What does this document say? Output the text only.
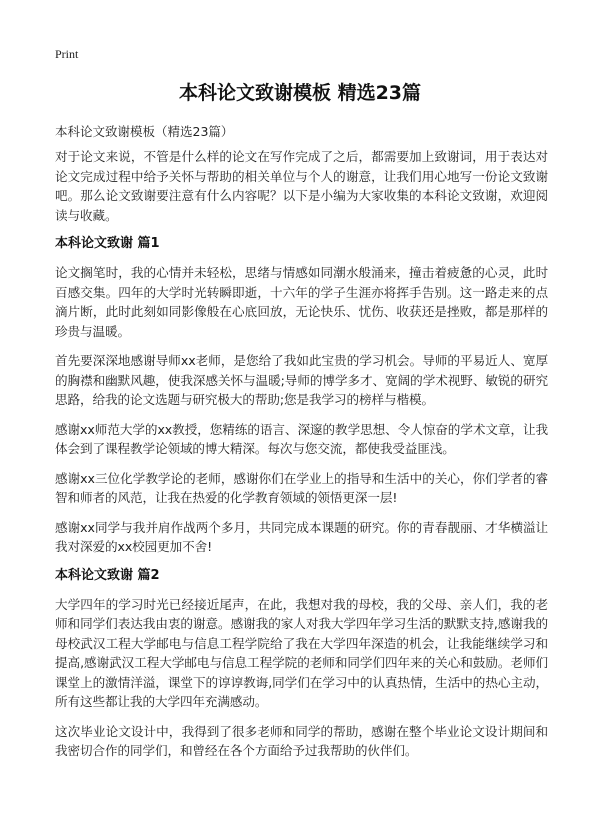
Print
本科论文致谢模板 精选23篇
本科论文致谢模板（精选23篇）

对于论文来说，不管是什么样的论文在写作完成了之后，都需要加上致谢词，用于表达对论文完成过程中给予关怀与帮助的相关单位与个人的谢意，让我们用心地写一份论文致谢吧。那么论文致谢要注意有什么内容呢？以下是小编为大家收集的本科论文致谢，欢迎阅读与收藏。

本科论文致谢 篇1

论文搁笔时，我的心情并未轻松，思绪与情感如同潮水般涌来，撞击着疲惫的心灵，此时百感交集。四年的大学时光转瞬即逝，十六年的学子生涯亦将挥手告别。这一路走来的点滴片断，此时此刻如同影像般在心底回放，无论快乐、忧伤、收获还是挫败，都是那样的珍贵与温暖。

首先要深深地感谢导师xx老师，是您给了我如此宝贵的学习机会。导师的平易近人、宽厚的胸襟和幽默风趣，使我深感关怀与温暖;导师的博学多才、宽阔的学术视野、敏锐的研究思路，给我的论文选题与研究极大的帮助;您是我学习的榜样与楷模。

感谢xx师范大学的xx教授，您精练的语言、深邃的教学思想、令人惊奋的学术文章，让我体会到了课程教学论领域的博大精深。每次与您交流，都使我受益匪浅。

感谢xx三位化学教学论的老师，感谢你们在学业上的指导和生活中的关心，你们学者的睿智和师者的风范，让我在热爱的化学教育领域的领悟更深一层!

感谢xx同学与我并肩作战两个多月，共同完成本课题的研究。你的青春靓丽、才华横溢让我对深爱的xx校园更加不舍!

本科论文致谢 篇2

大学四年的学习时光已经接近尾声，在此，我想对我的母校，我的父母、亲人们，我的老师和同学们表达我由衷的谢意。感谢我的家人对我大学四年学习生活的默默支持,感谢我的母校武汉工程大学邮电与信息工程学院给了我在大学四年深造的机会，让我能继续学习和提高,感谢武汉工程大学邮电与信息工程学院的老师和同学们四年来的关心和鼓励。老师们课堂上的激情洋溢，课堂下的谆谆教诲,同学们在学习中的认真热情，生活中的热心主动，所有这些都让我的大学四年充满感动。

这次毕业论文设计中，我得到了很多老师和同学的帮助，感谢在整个毕业论文设计期间和我密切合作的同学们，和曾经在各个方面给予过我帮助的伙伴们。
